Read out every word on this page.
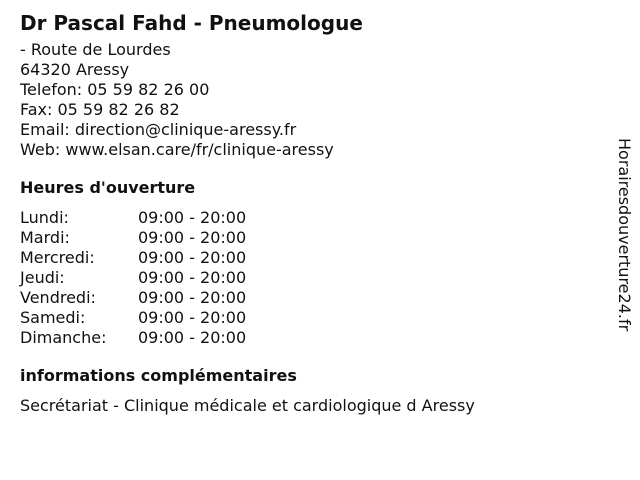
Dr Pascal Fahd - Pneumologue
- Route de Lourdes
64320 Aressy
Telefon: 05 59 82 26 00
Fax: 05 59 82 26 82
Email: direction@clinique-aressy.fr
Web: www.elsan.care/fr/clinique-aressy
Heures d'ouverture
Lundi:	09:00 - 20:00
Mardi:	09:00 - 20:00
Mercredi:	09:00 - 20:00
Jeudi:	09:00 - 20:00
Vendredi:	09:00 - 20:00
Samedi:	09:00 - 20:00
Dimanche:	09:00 - 20:00
informations complémentaires
Secrétariat - Clinique médicale et cardiologique d Aressy
Horairesdouverture24.fr
